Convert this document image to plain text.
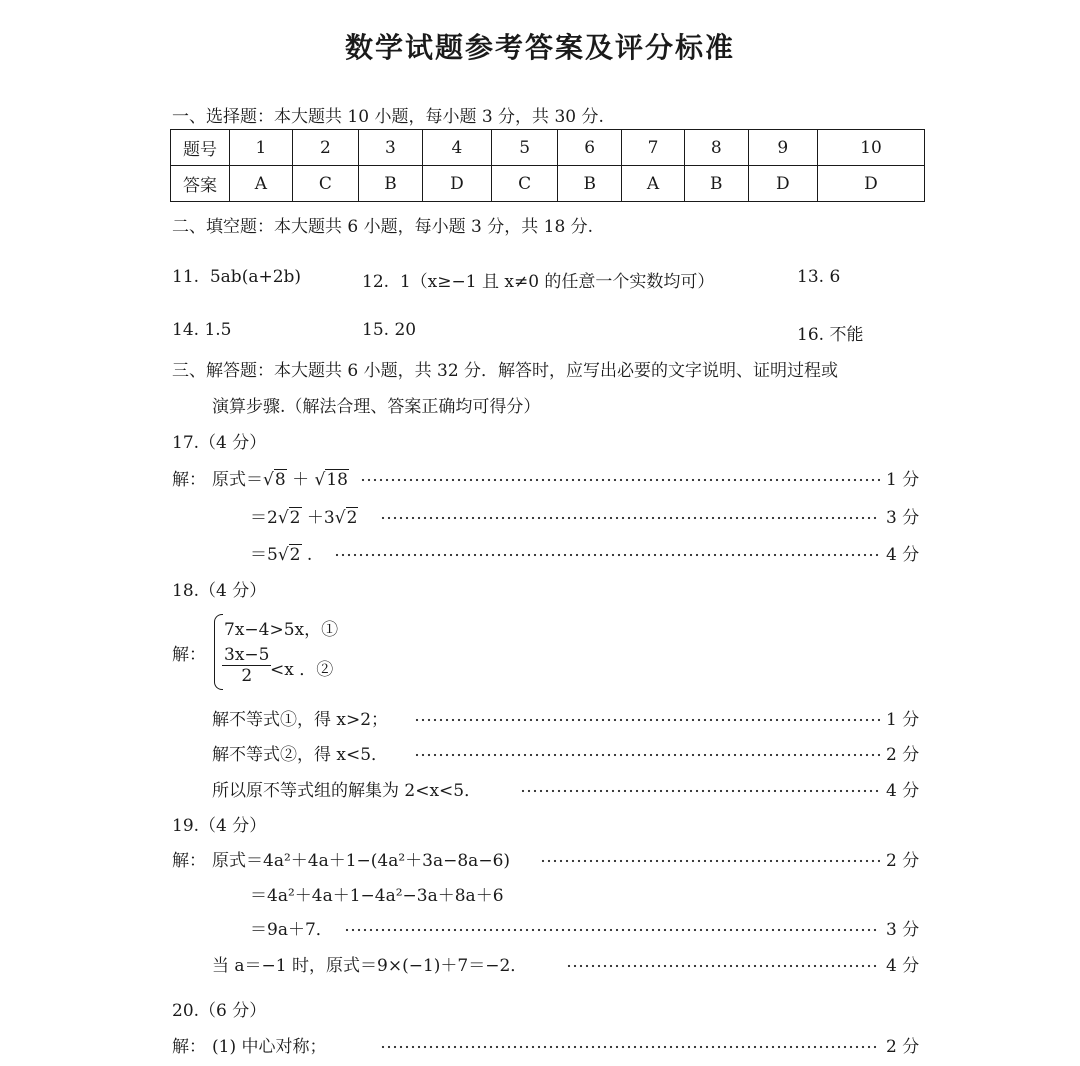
数学试题参考答案及评分标准
一、选择题：本大题共 10 小题，每小题 3 分，共 30 分.
题号	1	2	3	4	5	6	7	8	9	10
答案	A	C	B	D	C	B	A	B	D	D
二、填空题：本大题共 6 小题，每小题 3 分，共 18 分.
11. 5ab(a+2b)	12. 1（x≥−1 且 x≠0 的任意一个实数均可）	13. 6
14. 1.5	15. 20	16. 不能
三、解答题：本大题共 6 小题，共 32 分．解答时，应写出必要的文字说明、证明过程或
演算步骤.（解法合理、答案正确均可得分）
17.（4 分）
解： 原式＝√8 ＋ √18	1 分
＝2√2 ＋3√2	3 分
＝5√2 .	4 分
18.（4 分）
解：
7x−4>5x，①
$\frac{3x-5}{2}$
<x ．②
解不等式①，得 x>2；	1 分
解不等式②，得 x<5．	2 分
所以原不等式组的解集为 2<x<5．	4 分
19.（4 分）
解： 原式＝4a²＋4a＋1−(4a²＋3a−8a−6)	2 分
＝4a²＋4a＋1−4a²−3a＋8a＋6
＝9a＋7．	3 分
当 a＝−1 时，原式＝9×(−1)＋7＝−2．	4 分
20.（6 分）
解： (1) 中心对称；	2 分
